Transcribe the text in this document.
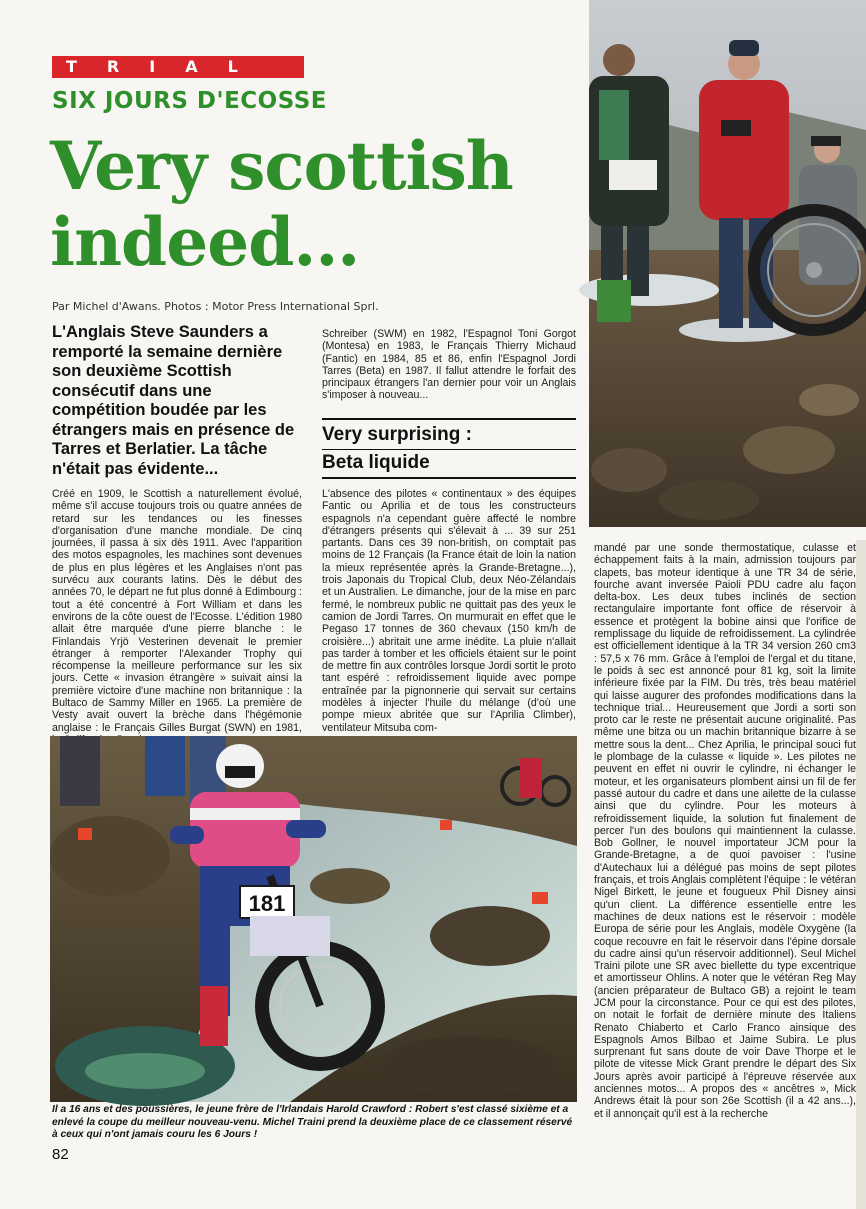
TRIAL
SIX JOURS D'ECOSSE
Very scottish indeed...
Par Michel d'Awans. Photos : Motor Press International Sprl.
L'Anglais Steve Saunders a remporté la semaine dernière son deuxième Scottish consécutif dans une compétition boudée par les étrangers mais en présence de Tarres et Berlatier. La tâche n'était pas évidente...

Créé en 1909, le Scottish a naturellement évolué, même s'il accuse toujours trois ou quatre années de retard sur les tendances ou les finesses d'organisation d'une manche mondiale. De cinq journées, il passa à six dès 1911. Avec l'apparition des motos espagnoles, les machines sont devenues de plus en plus légères et les Anglaises n'ont pas survécu aux courants latins. Dès le début des années 70, le départ ne fut plus donné à Edimbourg : tout a été concentré à Fort William et dans les environs de la côte ouest de l'Ecosse. L'édition 1980 allait être marquée d'une pierre blanche : le Finlandais Yrjö Vesterinen devenait le premier étranger à remporter l'Alexander Trophy qui récompense la meilleure performance sur les six jours. Cette « invasion étrangère » suivait ainsi la première victoire d'une machine non britannique : la Bultaco de Sammy Miller en 1965. La première de Vesty avait ouvert la brèche dans l'hégémonie anglaise : le Français Gilles Burgat (SWN) en 1981,

Schreiber (SWM) en 1982, l'Espagnol Toni Gorgot (Montesa) en 1983, le Français Thierry Michaud (Fantic) en 1984, 85 et 86, enfin l'Espagnol Jordi Tarres (Beta) en 1987. Il fallut attendre le forfait des principaux étrangers l'an dernier pour voir un Anglais s'imposer à nouveau...

Very surprising :
Beta liquide

L'absence des pilotes « continentaux » des équipes Fantic ou Aprilia et de tous les constructeurs espagnols n'a cependant guère affecté le nombre d'étrangers présents qui s'élevait à ... 39 sur 251 partants. Dans ces 39 non-british, on comptait pas moins de 12 Français (la France était de loin la nation la mieux représentée après la Grande-Bretagne...), trois Japonais du Tropical Club, deux Néo-Zélandais et un Australien. Le dimanche, jour de la mise en parc fermé, le nombreux public ne quittait pas des yeux le camion de Jordi Tarres. On murmurait en effet que le Pegaso 17 tonnes de 360 chevaux (150 km/h de croisière...) abritait une arme inédite. La pluie n'allait pas tarder à tomber et les officiels étaient sur le point de mettre fin aux contrôles lorsque Jordi sortit le proto tant espéré : refroidissement liquide avec pompe entraînée par la pignonnerie qui servait sur certains modèles à injecter l'huile du mélange (d'où une pompe mieux abritée que sur l'Aprilia Climber), ventilateur Mitsuba com-

mandé par une sonde thermostatique, culasse et échappement faits à la main, admission toujours par clapets, bas moteur identique à une TR 34 de série, fourche avant inversée Paioli PDU cadre alu façon delta-box. Les deux tubes inclinés de section rectangulaire importante font office de réservoir à essence et protègent la bobine ainsi que l'orifice de remplissage du liquide de refroidissement. La cylindrée est officiellement identique à la TR 34 version 260 cm3 : 57,5 x 76 mm. Grâce à l'emploi de l'ergal et du titane, le poids à sec est annoncé pour 81 kg, soit la limite inférieure fixée par la FIM. Du très, très beau matériel qui laisse augurer des profondes modifications dans la technique trial... Heureusement que Jordi a sorti son proto car le reste ne présentait aucune originalité. Pas même une bitza ou un machin britannique bizarre à se mettre sous la dent... Chez Aprilia, le principal souci fut le plombage de la culasse « liquide ». Les pilotes ne peuvent en effet ni ouvrir le cylindre, ni échanger le moteur, et les organisateurs plombent ainsi un fil de fer passé autour du cadre et dans une ailette de la culasse ainsi que du cylindre. Pour les moteurs à refroidissement liquide, la solution fut finalement de percer l'un des boulons qui maintiennent la culasse. Bob Gollner, le nouvel importateur JCM pour la Grande-Bretagne, a de quoi pavoiser : l'usine d'Autechaux lui a délégué pas moins de sept pilotes français, et trois Anglais complètent l'équipe : le vétéran Nigel Birkett, le jeune et fougueux Phil Disney ainsi qu'un client. La différence essentielle entre les machines de deux nations est le réservoir : modèle Europa de série pour les Anglais, modèle Oxygène (la coque recouvre en fait le réservoir dans l'épine dorsale du cadre ainsi qu'un réservoir additionnel). Seul Michel Traini pilote une SR avec biellette du type excentrique et amortisseur Ohlins. A noter que le vétéran Reg May (ancien préparateur de Bultaco GB) a rejoint le team JCM pour la circonstance. Pour ce qui est des pilotes, on notait le forfait de dernière minute des Italiens Renato Chiaberto et Carlo Franco ainsique des Espagnols Amos Bilbao et Jaime Subira. Le plus surprenant fut sans doute de voir Dave Thorpe et le pilote de vitesse Mick Grant prendre le départ des Six Jours après avoir participé à l'épreuve réservée aux anciennes motos... A propos des « ancêtres », Mick Andrews était là pour son 26e Scottish (il a 42 ans...), et il annonçait qu'il est à la recherche

181
Il a 16 ans et des poussières, le jeune frère de l'Irlandais Harold Crawford : Robert s'est classé sixième et a enlevé la coupe du meilleur nouveau-venu. Michel Traini prend la deuxième place de ce classement réservé à ceux qui n'ont jamais couru les 6 Jours !
82
